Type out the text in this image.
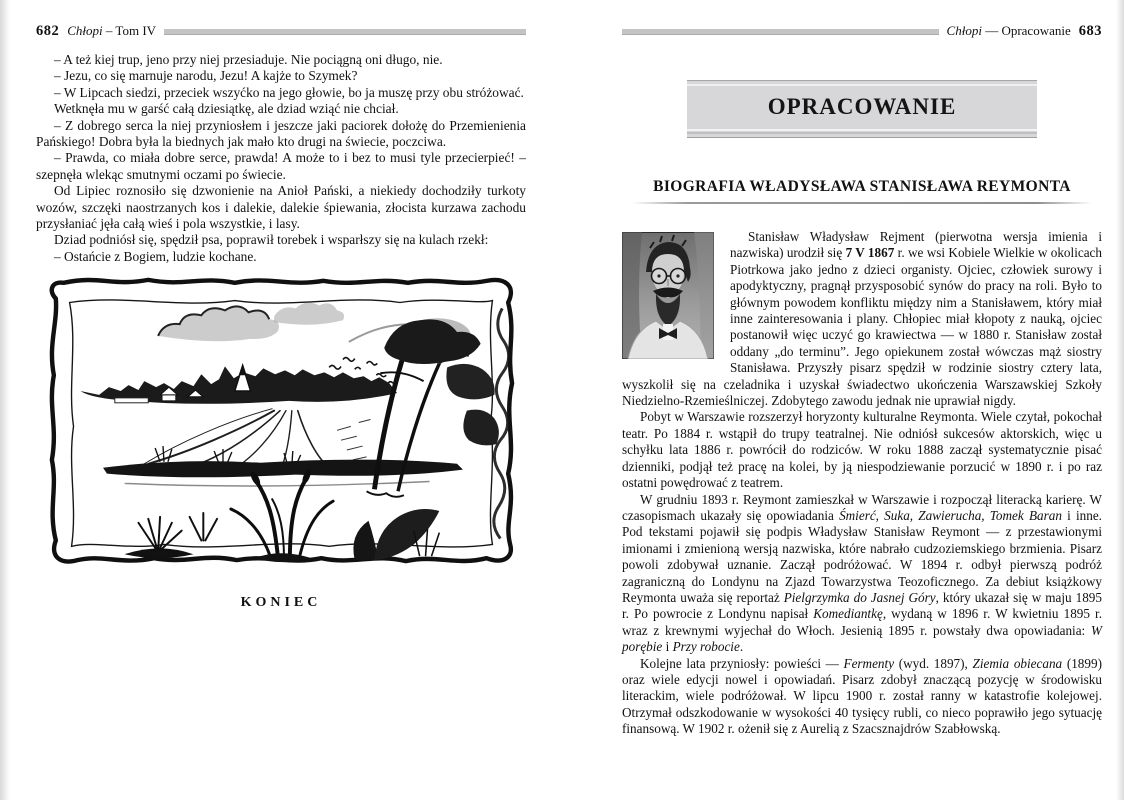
682 Chłopi – Tom IV

– A też kiej trup, jeno przy niej przesiaduje. Nie pociągną oni długo, nie.

– Jezu, co się marnuje narodu, Jezu! A kajże to Szymek?

– W Lipcach siedzi, przeciek wszyćko na jego głowie, bo ja muszę przy obu stróżować.

Wetknęła mu w garść całą dziesiątkę, ale dziad wziąć nie chciał.

– Z dobrego serca la niej przyniosłem i jeszcze jaki paciorek dołożę do Przemienienia Pańskiego! Dobra była la biednych jak mało kto drugi na świecie, poczciwa.

– Prawda, co miała dobre serce, prawda! A może to i bez to musi tyle przecierpieć! – szepnęła wlekąc smutnymi oczami po świecie.

Od Lipiec roznosiło się dzwonienie na Anioł Pański, a niekiedy dochodziły turkoty wozów, szczęki naostrzanych kos i dalekie, dalekie śpiewania, złocista kurzawa zachodu przysłaniać jęła całą wieś i pola wszystkie, i lasy.

Dziad podniósł się, spędził psa, poprawił torebek i wsparłszy się na kulach rzekł:

– Ostańcie z Bogiem, ludzie kochane.

KONIEC
Chłopi — Opracowanie 683
OPRACOWANIE
BIOGRAFIA WŁADYSŁAWA STANISŁAWA REYMONTA

Stanisław Władysław Rejment (pierwotna wersja imienia i nazwiska) urodził się 7 V 1867 r. we wsi Kobiele Wielkie w okolicach Piotrkowa jako jedno z dzieci organisty. Ojciec, człowiek surowy i apodyktyczny, pragnął przysposobić synów do pracy na roli. Było to głównym powodem konfliktu między nim a Stanisławem, który miał inne zainteresowania i plany. Chłopiec miał kłopoty z nauką, ojciec postanowił więc uczyć go krawiectwa — w 1880 r. Stanisław został oddany „do terminu”. Jego opiekunem został wówczas mąż siostry Stanisława. Przyszły pisarz spędził w rodzinie siostry cztery lata, wyszkolił się na czeladnika i uzyskał świadectwo ukończenia Warszawskiej Szkoły Niedzielno-Rzemieślniczej. Zdobytego zawodu jednak nie uprawiał nigdy.

Pobyt w Warszawie rozszerzył horyzonty kulturalne Reymonta. Wiele czytał, pokochał teatr. Po 1884 r. wstąpił do trupy teatralnej. Nie odniósł sukcesów aktorskich, więc u schyłku lata 1886 r. powrócił do rodziców. W roku 1888 zaczął systematycznie pisać dzienniki, podjął też pracę na kolei, by ją niespodziewanie porzucić w 1890 r. i po raz ostatni powędrować z teatrem.

W grudniu 1893 r. Reymont zamieszkał w Warszawie i rozpoczął literacką karierę. W czasopismach ukazały się opowiadania Śmierć, Suka, Zawierucha, Tomek Baran i inne. Pod tekstami pojawił się podpis Władysław Stanisław Reymont — z przestawionymi imionami i zmienioną wersją nazwiska, które nabrało cudzoziemskiego brzmienia. Pisarz powoli zdobywał uznanie. Zaczął podróżować. W 1894 r. odbył pierwszą podróż zagraniczną do Londynu na Zjazd Towarzystwa Teozoficznego. Za debiut książkowy Reymonta uważa się reportaż Pielgrzymka do Jasnej Góry, który ukazał się w maju 1895 r. Po powrocie z Londynu napisał Komediantkę, wydaną w 1896 r. W kwietniu 1895 r. wraz z krewnymi wyjechał do Włoch. Jesienią 1895 r. powstały dwa opowiadania: W porębie i Przy robocie.

Kolejne lata przyniosły: powieści — Fermenty (wyd. 1897), Ziemia obiecana (1899) oraz wiele edycji nowel i opowiadań. Pisarz zdobył znaczącą pozycję w środowisku literackim, wiele podróżował. W lipcu 1900 r. został ranny w katastrofie kolejowej. Otrzymał odszkodowanie w wysokości 40 tysięcy rubli, co nieco poprawiło jego sytuację finansową. W 1902 r. ożenił się z Aurelią z Szacsznajdrów Szabłowską.
